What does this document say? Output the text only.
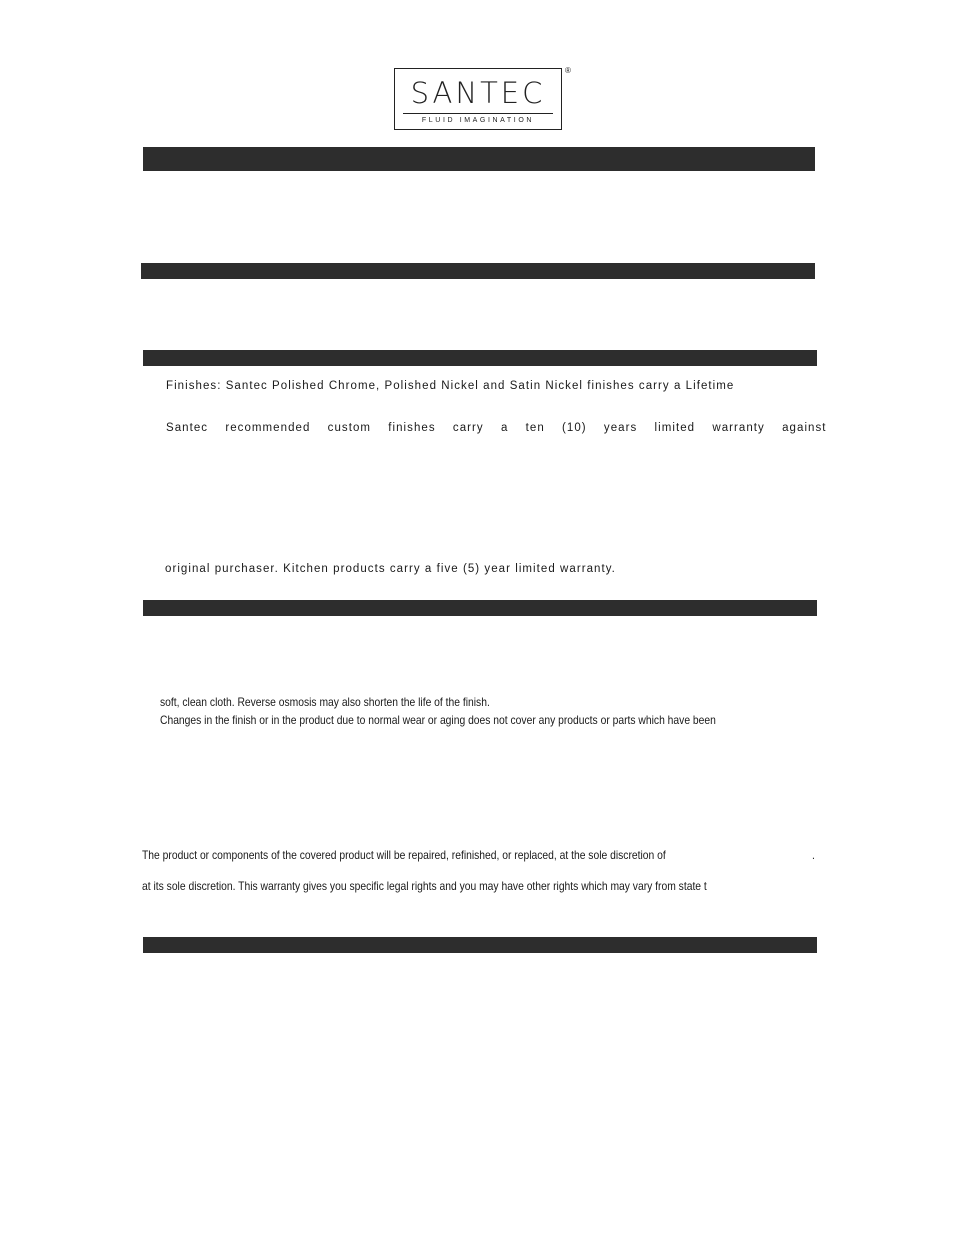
SANTEC
FLUID IMAGINATION
®
Finishes: Santec Polished Chrome, Polished Nickel and Satin Nickel finishes carry a Lifetime
Santec recommended custom finishes carry a ten (10) years limited warranty against
original purchaser. Kitchen products carry a five (5) year limited warranty.
soft, clean cloth. Reverse osmosis may also shorten the life of the finish.
Changes in the finish or in the product due to normal wear or aging does not cover any products or parts which have been
The product or components of the covered product will be repaired, refinished, or replaced, at the sole discretion of	.
at its sole discretion. This warranty gives you specific legal rights and you may have other rights which may vary from state t
